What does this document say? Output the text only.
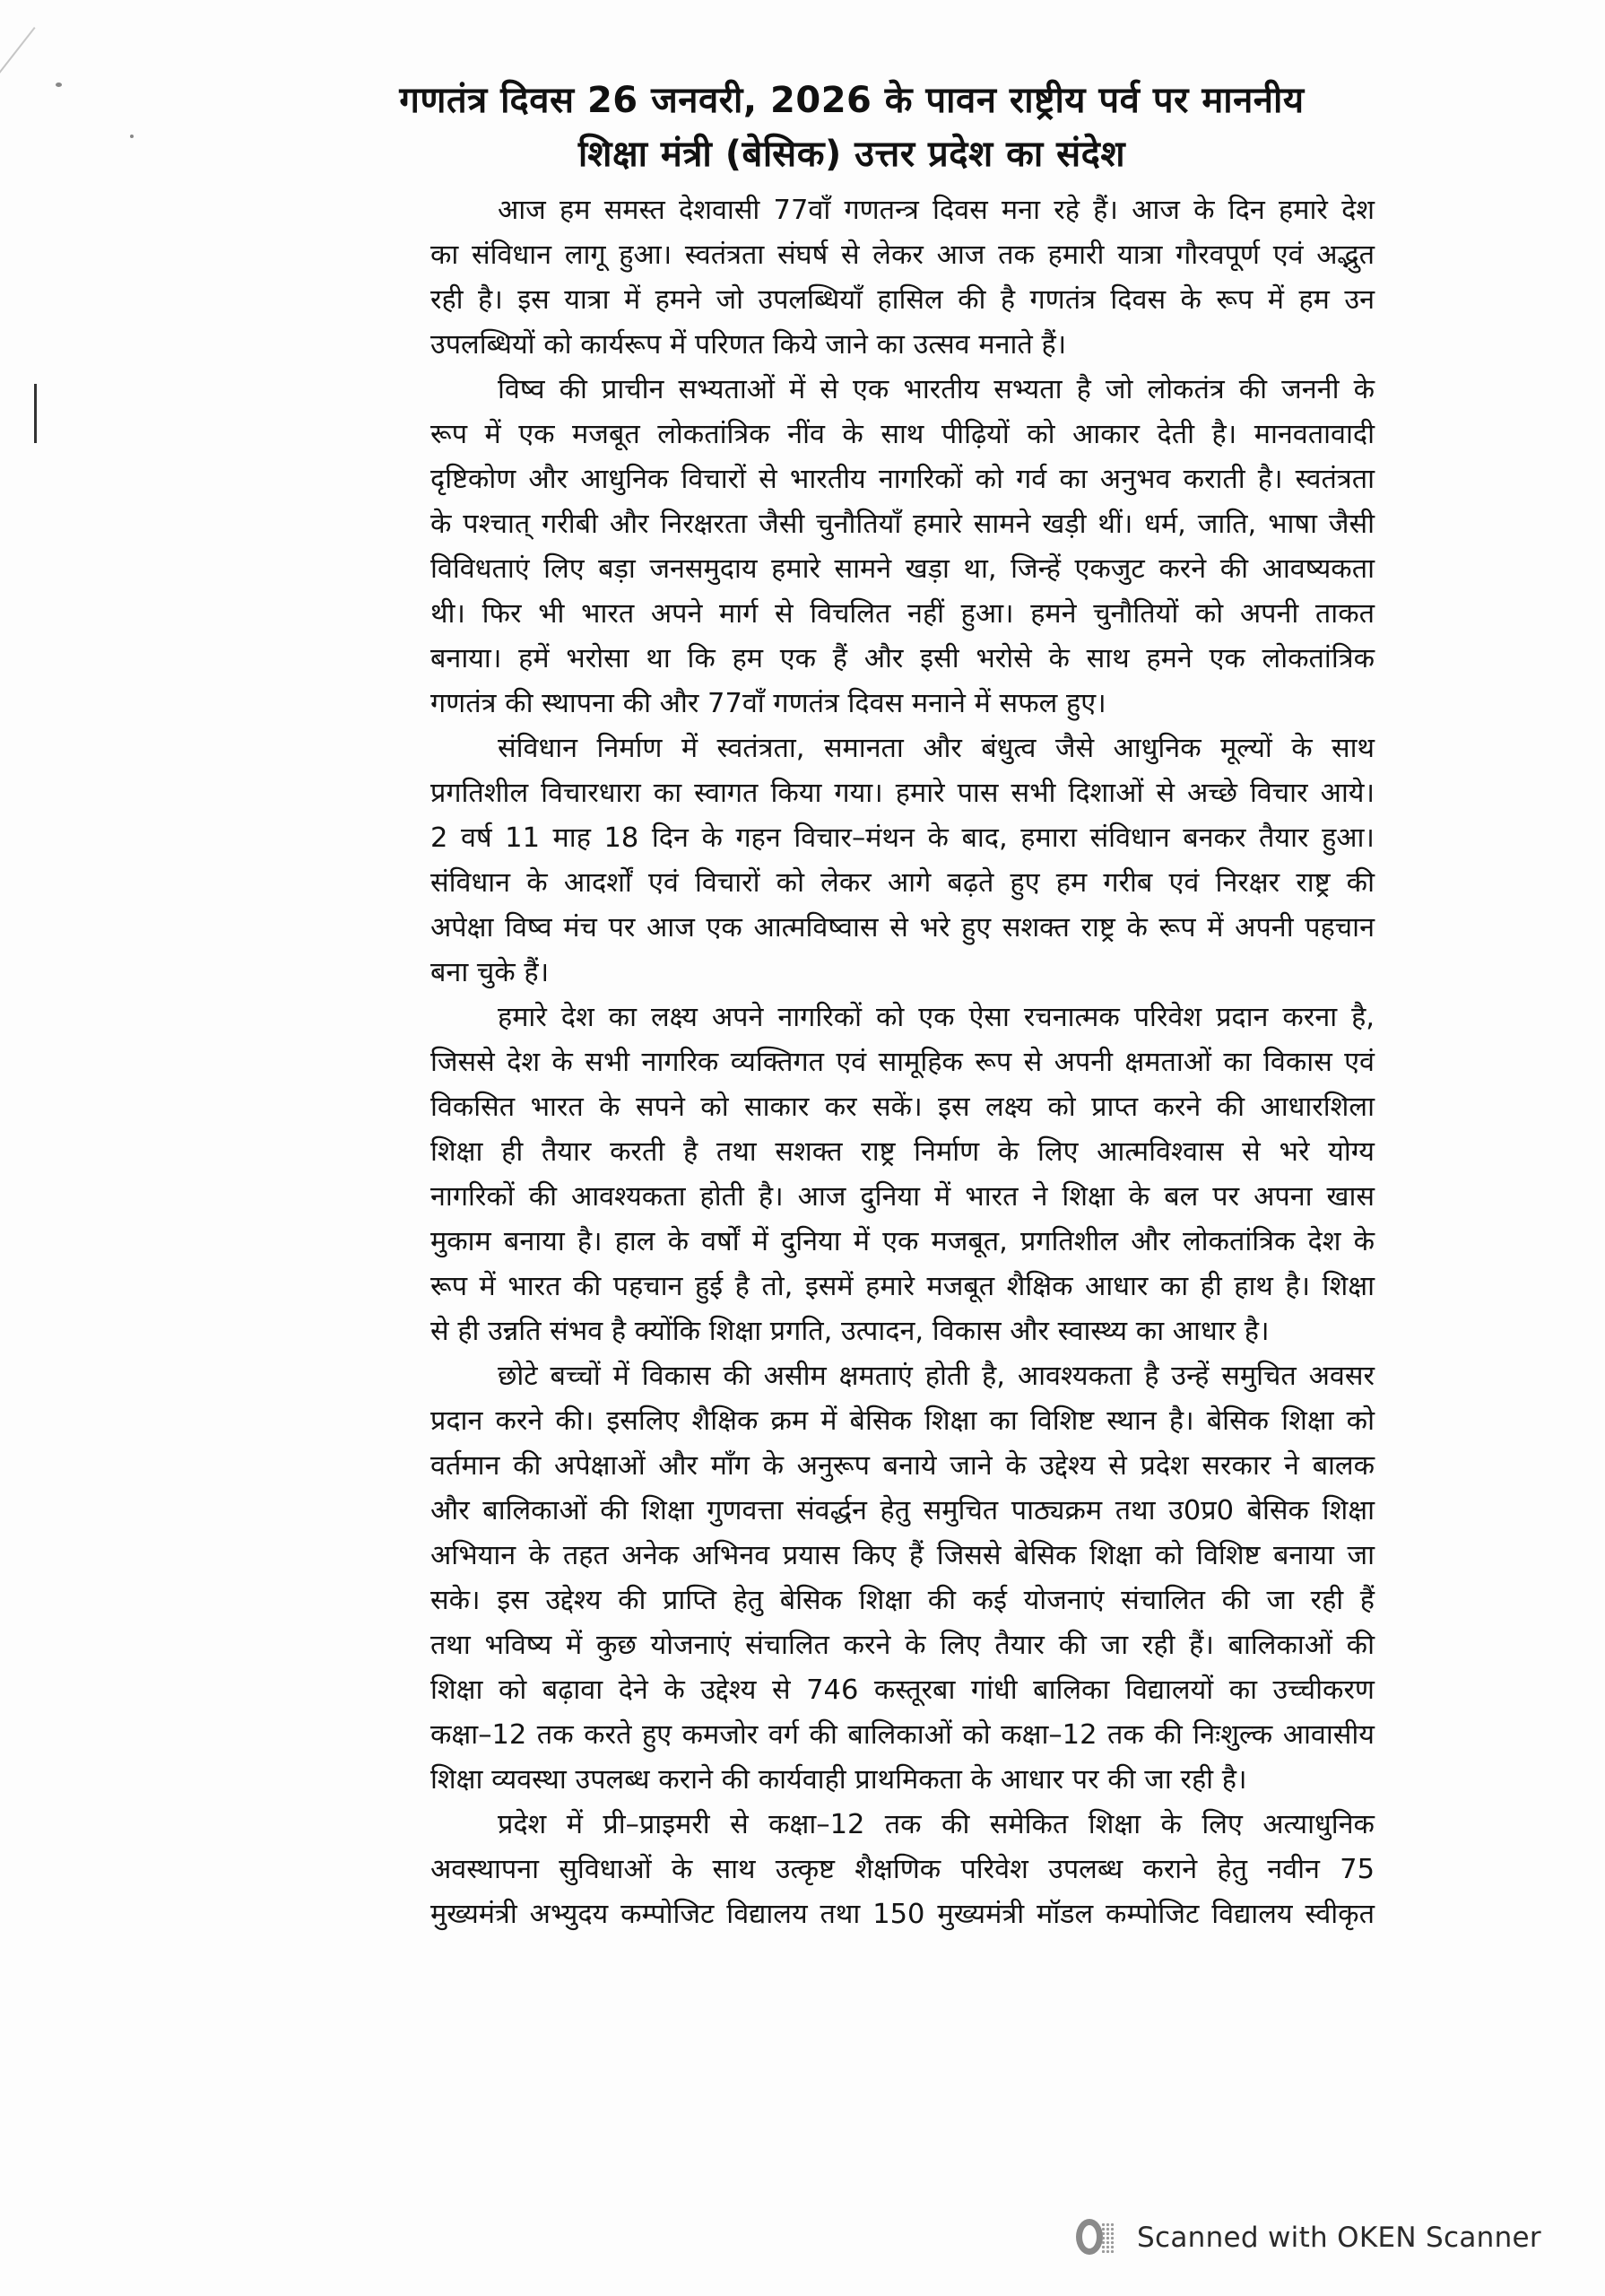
गणतंत्र दिवस 26 जनवरी, 2026 के पावन राष्ट्रीय पर्व पर माननीय
शिक्षा मंत्री (बेसिक) उत्तर प्रदेश का संदेश
आज हम समस्त देशवासी 77वाँ गणतन्त्र दिवस मना रहे हैं। आज के दिन हमारे देश
का संविधान लागू हुआ। स्वतंत्रता संघर्ष से लेकर आज तक हमारी यात्रा गौरवपूर्ण एवं अद्भुत
रही है। इस यात्रा में हमने जो उपलब्धियाँ हासिल की है गणतंत्र दिवस के रूप में हम उन
उपलब्धियों को कार्यरूप में परिणत किये जाने का उत्सव मनाते हैं।
विष्व की प्राचीन सभ्यताओं में से एक भारतीय सभ्यता है जो लोकतंत्र की जननी के
रूप में एक मजबूत लोकतांत्रिक नींव के साथ पीढ़ियों को आकार देती है। मानवतावादी
दृष्टिकोण और आधुनिक विचारों से भारतीय नागरिकों को गर्व का अनुभव कराती है। स्वतंत्रता
के पश्चात् गरीबी और निरक्षरता जैसी चुनौतियाँ हमारे सामने खड़ी थीं। धर्म, जाति, भाषा जैसी
विविधताएं लिए बड़ा जनसमुदाय हमारे सामने खड़ा था, जिन्हें एकजुट करने की आवष्यकता
थी। फिर भी भारत अपने मार्ग से विचलित नहीं हुआ। हमने चुनौतियों को अपनी ताकत
बनाया। हमें भरोसा था कि हम एक हैं और इसी भरोसे के साथ हमने एक लोकतांत्रिक
गणतंत्र की स्थापना की और 77वाँ गणतंत्र दिवस मनाने में सफल हुए।
संविधान निर्माण में स्वतंत्रता, समानता और बंधुत्व जैसे आधुनिक मूल्यों के साथ
प्रगतिशील विचारधारा का स्वागत किया गया। हमारे पास सभी दिशाओं से अच्छे विचार आये।
2 वर्ष 11 माह 18 दिन के गहन विचार–मंथन के बाद, हमारा संविधान बनकर तैयार हुआ।
संविधान के आदर्शों एवं विचारों को लेकर आगे बढ़ते हुए हम गरीब एवं निरक्षर राष्ट्र की
अपेक्षा विष्व मंच पर आज एक आत्मविष्वास से भरे हुए सशक्त राष्ट्र के रूप में अपनी पहचान
बना चुके हैं।
हमारे देश का लक्ष्य अपने नागरिकों को एक ऐसा रचनात्मक परिवेश प्रदान करना है,
जिससे देश के सभी नागरिक व्यक्तिगत एवं सामूहिक रूप से अपनी क्षमताओं का विकास एवं
विकसित भारत के सपने को साकार कर सकें। इस लक्ष्य को प्राप्त करने की आधारशिला
शिक्षा ही तैयार करती है तथा सशक्त राष्ट्र निर्माण के लिए आत्मविश्वास से भरे योग्य
नागरिकों की आवश्यकता होती है। आज दुनिया में भारत ने शिक्षा के बल पर अपना खास
मुकाम बनाया है। हाल के वर्षों में दुनिया में एक मजबूत, प्रगतिशील और लोकतांत्रिक देश के
रूप में भारत की पहचान हुई है तो, इसमें हमारे मजबूत शैक्षिक आधार का ही हाथ है। शिक्षा
से ही उन्नति संभव है क्योंकि शिक्षा प्रगति, उत्पादन, विकास और स्वास्थ्य का आधार है।
छोटे बच्चों में विकास की असीम क्षमताएं होती है, आवश्यकता है उन्हें समुचित अवसर
प्रदान करने की। इसलिए शैक्षिक क्रम में बेसिक शिक्षा का विशिष्ट स्थान है। बेसिक शिक्षा को
वर्तमान की अपेक्षाओं और माँग के अनुरूप बनाये जाने के उद्देश्य से प्रदेश सरकार ने बालक
और बालिकाओं की शिक्षा गुणवत्ता संवर्द्धन हेतु समुचित पाठ्यक्रम तथा उ0प्र0 बेसिक शिक्षा
अभियान के तहत अनेक अभिनव प्रयास किए हैं जिससे बेसिक शिक्षा को विशिष्ट बनाया जा
सके। इस उद्देश्य की प्राप्ति हेतु बेसिक शिक्षा की कई योजनाएं संचालित की जा रही हैं
तथा भविष्य में कुछ योजनाएं संचालित करने के लिए तैयार की जा रही हैं। बालिकाओं की
शिक्षा को बढ़ावा देने के उद्देश्य से 746 कस्तूरबा गांधी बालिका विद्यालयों का उच्चीकरण
कक्षा–12 तक करते हुए कमजोर वर्ग की बालिकाओं को कक्षा–12 तक की निःशुल्क आवासीय
शिक्षा व्यवस्था उपलब्ध कराने की कार्यवाही प्राथमिकता के आधार पर की जा रही है।
प्रदेश में प्री–प्राइमरी से कक्षा–12 तक की समेकित शिक्षा के लिए अत्याधुनिक
अवस्थापना सुविधाओं के साथ उत्कृष्ट शैक्षणिक परिवेश उपलब्ध कराने हेतु नवीन 75
मुख्यमंत्री अभ्युदय कम्पोजिट विद्यालय तथा 150 मुख्यमंत्री मॉडल कम्पोजिट विद्यालय स्वीकृत
Scanned with OKEN Scanner
